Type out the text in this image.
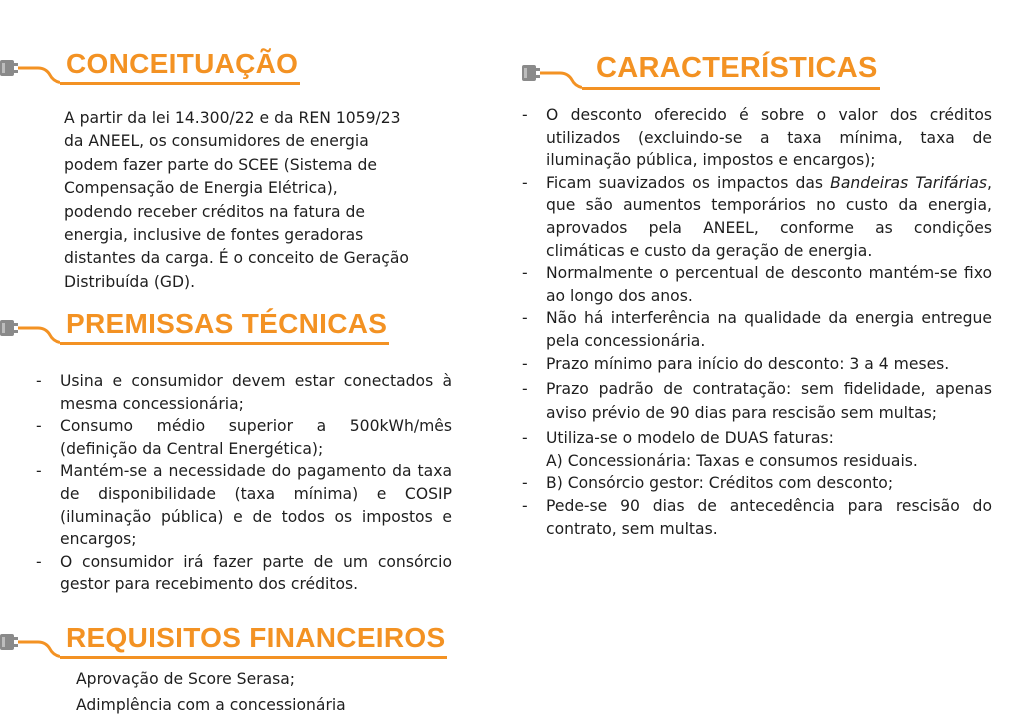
CONCEITUAÇÃO
A partir da lei 14.300/22 e da REN 1059/23
da ANEEL, os consumidores de energia
podem fazer parte do SCEE (Sistema de
Compensação de Energia Elétrica),
podendo receber créditos na fatura de
energia, inclusive de fontes geradoras
distantes da carga. É o conceito de Geração
Distribuída (GD).
PREMISSAS TÉCNICAS
- Usina e consumidor devem estar conectados à mesma concessionária;
- Consumo médio superior a 500kWh/mês (definição da Central Energética);
- Mantém-se a necessidade do pagamento da taxa de disponibilidade (taxa mínima) e COSIP (iluminação pública) e de todos os impostos e encargos;
- O consumidor irá fazer parte de um consórcio gestor para recebimento dos créditos.
REQUISITOS FINANCEIROS
Aprovação de Score Serasa;
Adimplência com a concessionária
CARACTERÍSTICAS
- O desconto oferecido é sobre o valor dos créditos utilizados (excluindo-se a taxa mínima, taxa de iluminação pública, impostos e encargos);
- Ficam suavizados os impactos das Bandeiras Tarifárias, que são aumentos temporários no custo da energia, aprovados pela ANEEL, conforme as condições climáticas e custo da geração de energia.
- Normalmente o percentual de desconto mantém-se fixo ao longo dos anos.
- Não há interferência na qualidade da energia entregue pela concessionária.
- Prazo mínimo para início do desconto: 3 a 4 meses.
- Prazo padrão de contratação: sem fidelidade, apenas aviso prévio de 90 dias para rescisão sem multas;
- Utiliza-se o modelo de DUAS faturas:
A) Concessionária: Taxas e consumos residuais.
- B) Consórcio gestor: Créditos com desconto;
- Pede-se 90 dias de antecedência para rescisão do contrato, sem multas.
